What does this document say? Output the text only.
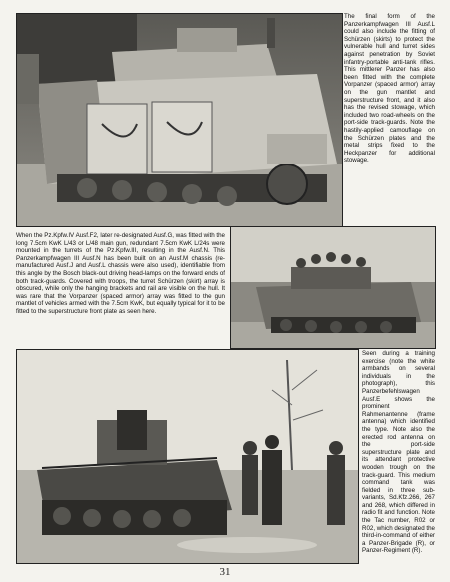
The final form of the Panzerkampfwagen III Ausf.L could also include the fitting of Schürzen (skirts) to protect the vulnerable hull and turret sides against penetration by Soviet infantry-portable anti-tank rifles. This mittlerer Panzer has also been fitted with the complete Vorpanzer (spaced armor) array on the gun mantlet and superstructure front, and it also has the revised stowage, which included two road-wheels on the port-side track-guards. Note the hastily-applied camouflage on the Schürzen plates and the metal strips fixed to the Heckpanzer for additional stowage.

When the Pz.Kpfw.IV Ausf.F2, later re-designated Ausf.G, was fitted with the long 7.5cm KwK L/43 or L/48 main gun, redundant 7.5cm KwK L/24s were mounted in the turrets of the Pz.Kpfw.III, resulting in the Ausf.N. This Panzerkampfwagen III Ausf.N has been built on an Ausf.M chassis (re-manufactured Ausf.J and Ausf.L chassis were also used), identifiable from this angle by the Bosch black-out driving head-lamps on the forward ends of both track-guards. Covered with troops, the turret Schürzen (skirt) array is obscured, while only the hanging brackets and rail are visible on the hull. It was rare that the Vorpanzer (spaced armor) array was fitted to the gun mantlet of vehicles armed with the 7.5cm KwK, but equally typical for it to be fitted to the superstructure front plate as seen here.

Seen during a training exercise (note the white armbands on several individuals in the photograph), this Panzerbefehlswagen Ausf.E shows the prominent Rahmenantenne (frame antenna) which identified the type. Note also the erected rod antenna on the port-side superstructure plate and its attendant protective wooden trough on the track-guard. This medium command tank was fielded in three sub-variants, Sd.Kfz.266, 267 and 268, which differed in radio fit and function. Note the Tac number, R02 or R02, which designated the third-in-command of either a Panzer-Brigade (R), or Panzer-Regiment (R).

31
